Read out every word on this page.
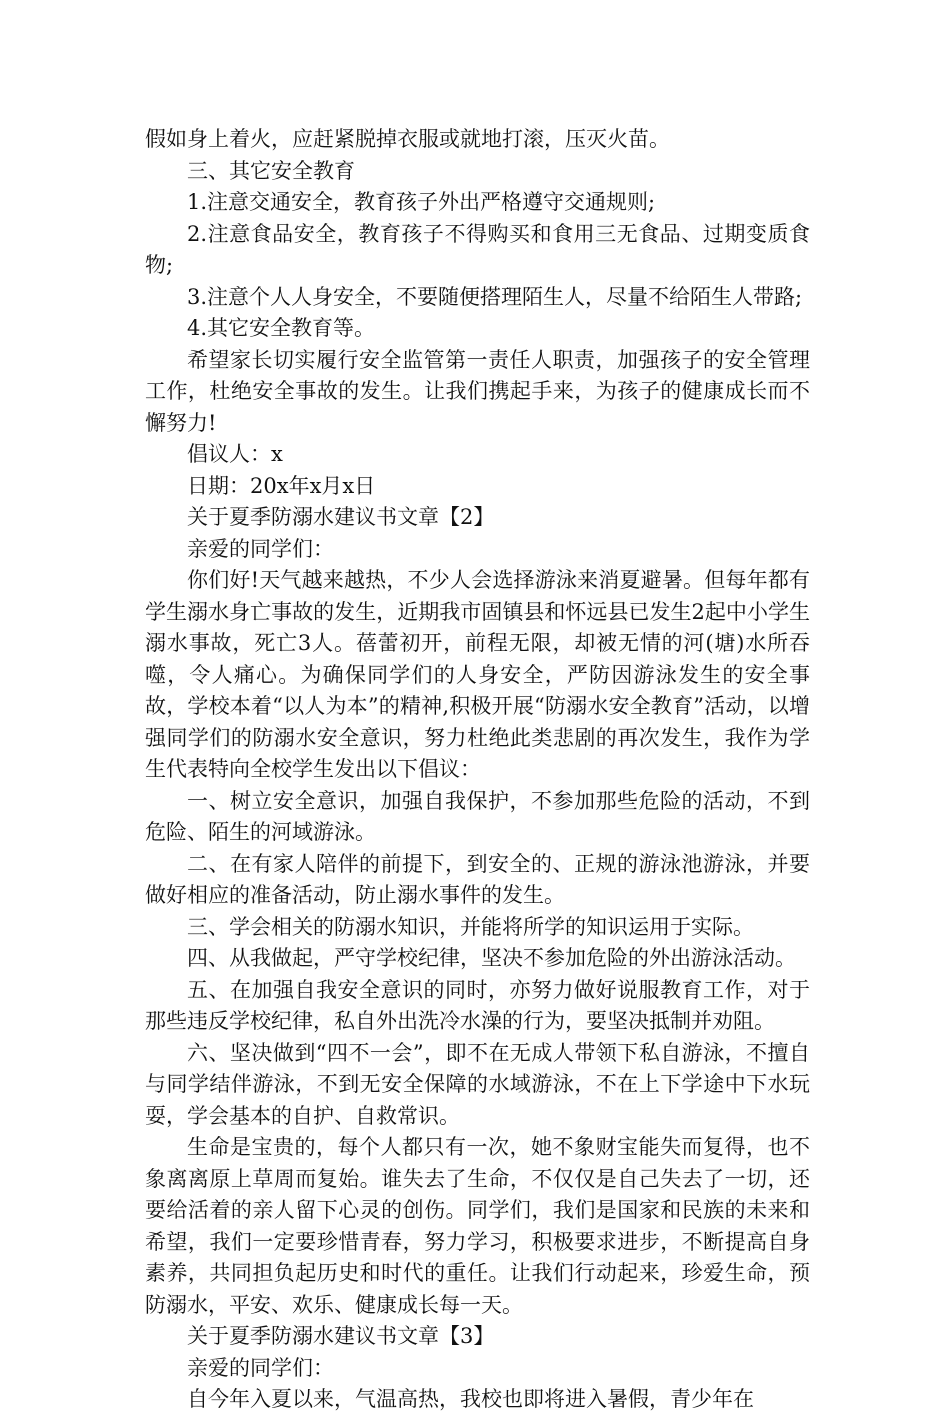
假如身上着火，应赶紧脱掉衣服或就地打滚，压灭火苗。

三、其它安全教育

1.注意交通安全，教育孩子外出严格遵守交通规则;

2.注意食品安全，教育孩子不得购买和食用三无食品、过期变质食物;

3.注意个人人身安全，不要随便搭理陌生人，尽量不给陌生人带路;

4.其它安全教育等。

希望家长切实履行安全监管第一责任人职责，加强孩子的安全管理工作，杜绝安全事故的发生。让我们携起手来，为孩子的健康成长而不懈努力!

倡议人：x

日期：20x年x月x日

关于夏季防溺水建议书文章【2】

亲爱的同学们：

你们好!天气越来越热，不少人会选择游泳来消夏避暑。但每年都有学生溺水身亡事故的发生，近期我市固镇县和怀远县已发生2起中小学生溺水事故，死亡3人。蓓蕾初开，前程无限，却被无情的河(塘)水所吞噬，令人痛心。为确保同学们的人身安全，严防因游泳发生的安全事故，学校本着“以人为本”的精神,积极开展“防溺水安全教育”活动，以增强同学们的防溺水安全意识，努力杜绝此类悲剧的再次发生，我作为学生代表特向全校学生发出以下倡议：

一、树立安全意识，加强自我保护，不参加那些危险的活动，不到危险、陌生的河域游泳。

二、在有家人陪伴的前提下，到安全的、正规的游泳池游泳，并要做好相应的准备活动，防止溺水事件的发生。

三、学会相关的防溺水知识，并能将所学的知识运用于实际。

四、从我做起，严守学校纪律，坚决不参加危险的外出游泳活动。

五、在加强自我安全意识的同时，亦努力做好说服教育工作，对于那些违反学校纪律，私自外出洗冷水澡的行为，要坚决抵制并劝阻。

六、坚决做到“四不一会”，即不在无成人带领下私自游泳，不擅自与同学结伴游泳，不到无安全保障的水域游泳，不在上下学途中下水玩耍，学会基本的自护、自救常识。

生命是宝贵的，每个人都只有一次，她不象财宝能失而复得，也不象离离原上草周而复始。谁失去了生命，不仅仅是自己失去了一切，还要给活着的亲人留下心灵的创伤。同学们，我们是国家和民族的未来和希望，我们一定要珍惜青春，努力学习，积极要求进步，不断提高自身素养，共同担负起历史和时代的重任。让我们行动起来，珍爱生命，预防溺水，平安、欢乐、健康成长每一天。

关于夏季防溺水建议书文章【3】

亲爱的同学们：

自今年入夏以来，气温高热，我校也即将进入暑假，青少年在
